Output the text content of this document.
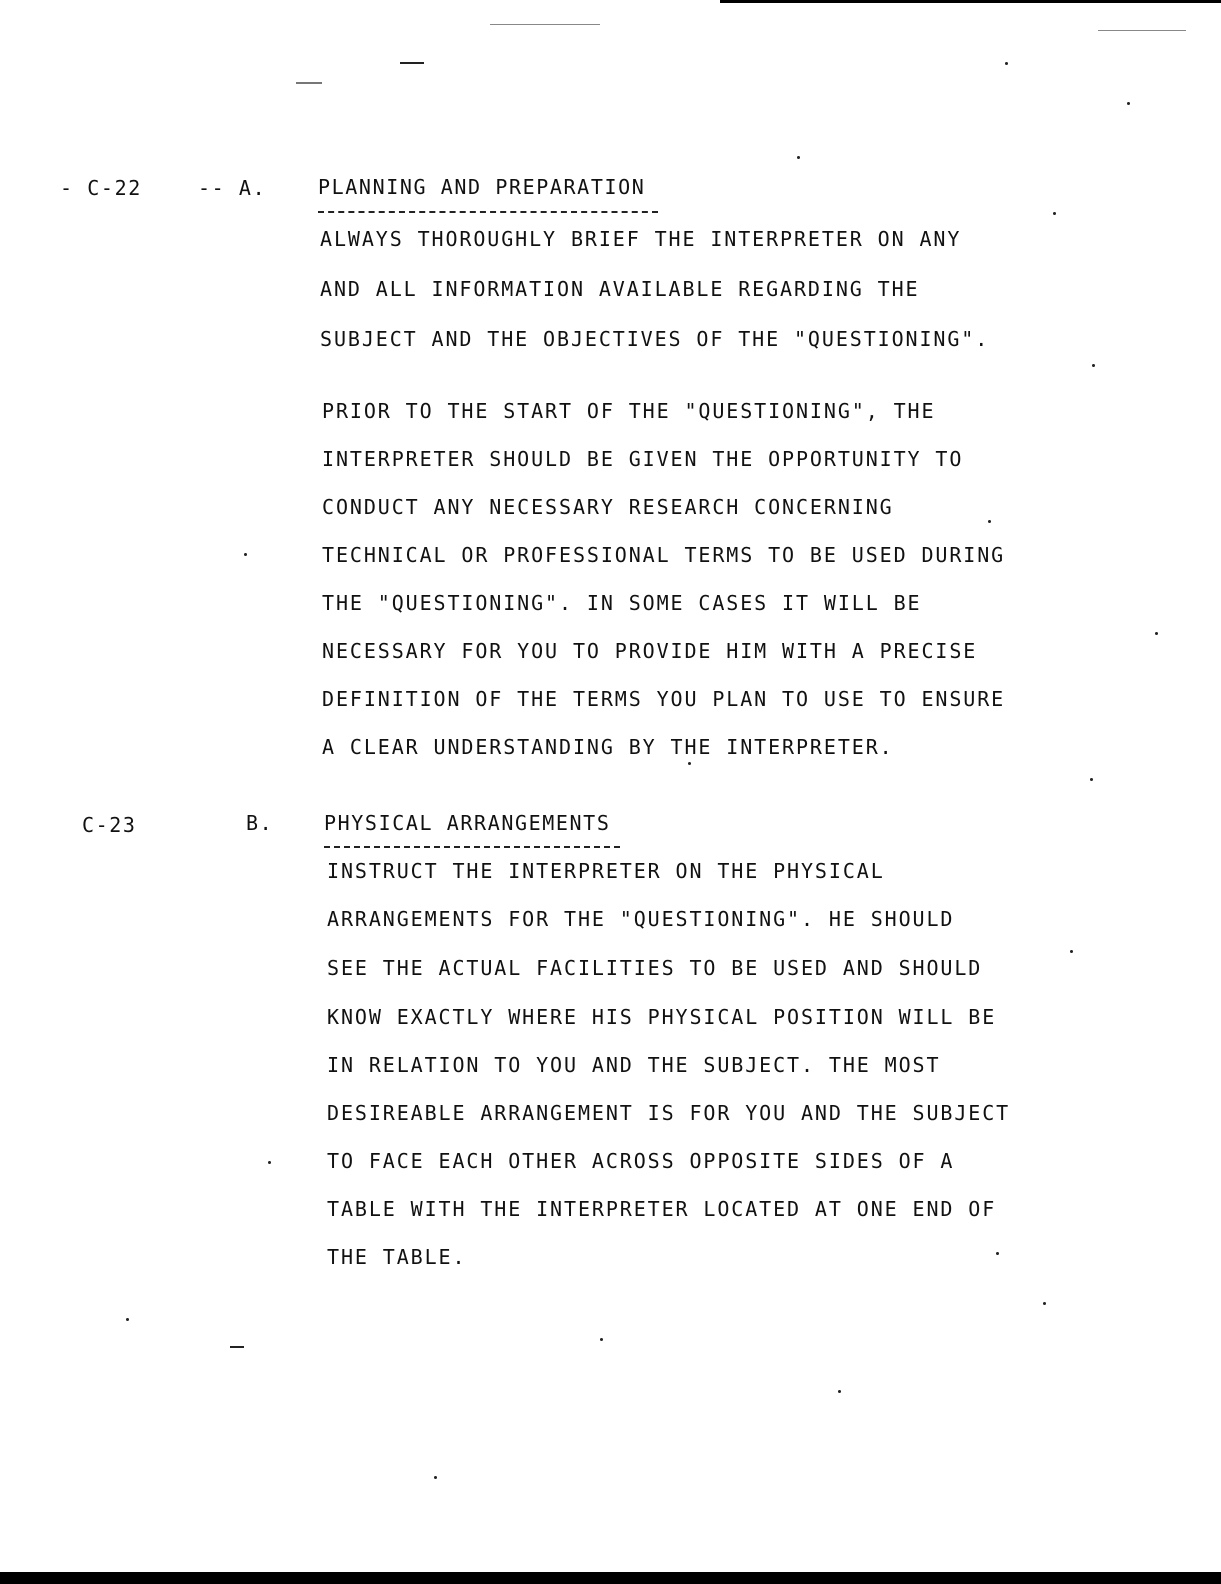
- C-22	-- A.	PLANNING AND PREPARATION
ALWAYS THOROUGHLY BRIEF THE INTERPRETER ON ANY
AND ALL INFORMATION AVAILABLE REGARDING THE
SUBJECT AND THE OBJECTIVES OF THE "QUESTIONING".
PRIOR TO THE START OF THE "QUESTIONING", THE
INTERPRETER SHOULD BE GIVEN THE OPPORTUNITY TO
CONDUCT ANY NECESSARY RESEARCH CONCERNING
TECHNICAL OR PROFESSIONAL TERMS TO BE USED DURING
THE "QUESTIONING". IN SOME CASES IT WILL BE
NECESSARY FOR YOU TO PROVIDE HIM WITH A PRECISE
DEFINITION OF THE TERMS YOU PLAN TO USE TO ENSURE
A CLEAR UNDERSTANDING BY THE INTERPRETER.
C-23	B.	PHYSICAL ARRANGEMENTS
INSTRUCT THE INTERPRETER ON THE PHYSICAL
ARRANGEMENTS FOR THE "QUESTIONING". HE SHOULD
SEE THE ACTUAL FACILITIES TO BE USED AND SHOULD
KNOW EXACTLY WHERE HIS PHYSICAL POSITION WILL BE
IN RELATION TO YOU AND THE SUBJECT. THE MOST
DESIREABLE ARRANGEMENT IS FOR YOU AND THE SUBJECT
TO FACE EACH OTHER ACROSS OPPOSITE SIDES OF A
TABLE WITH THE INTERPRETER LOCATED AT ONE END OF
THE TABLE.
